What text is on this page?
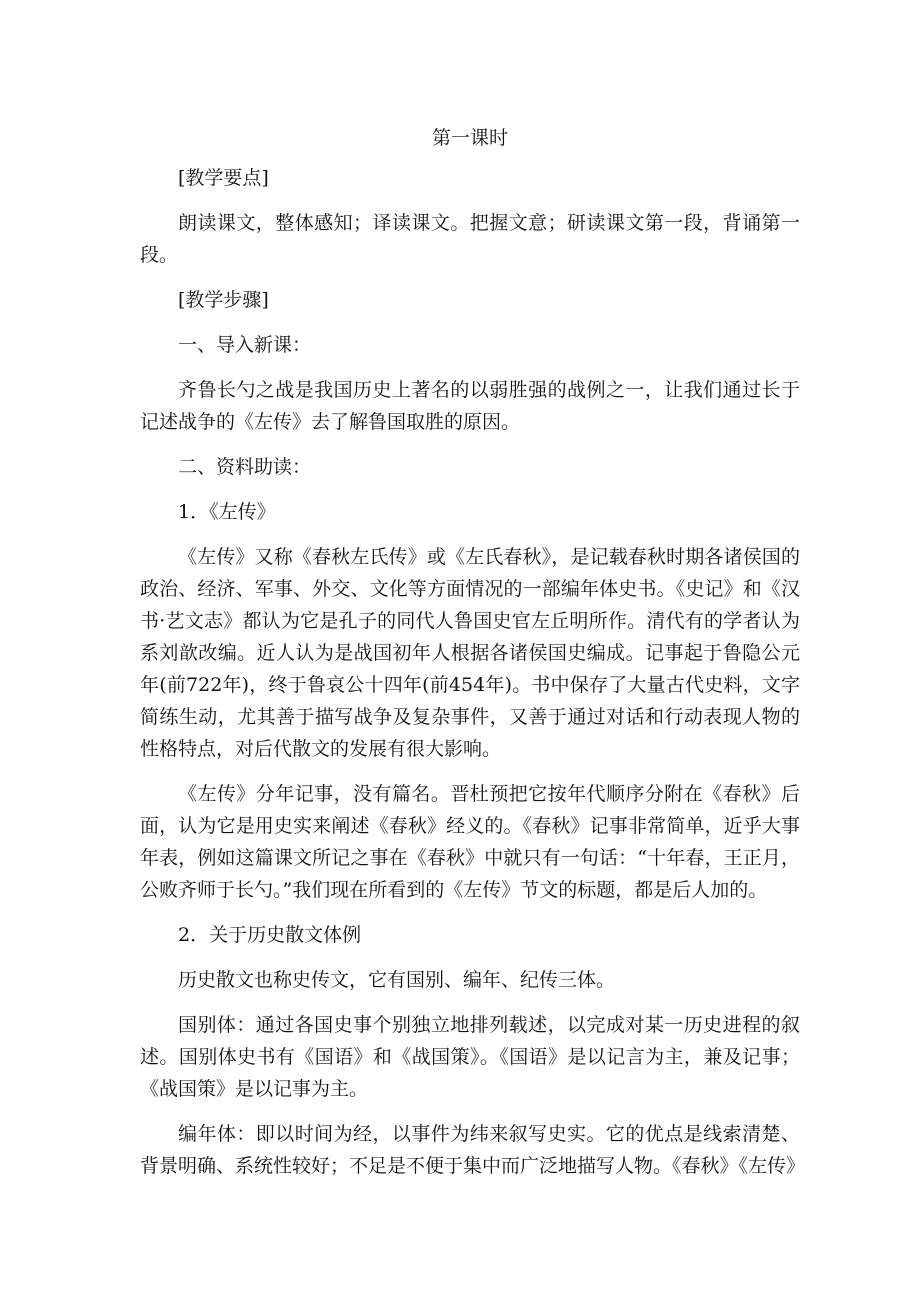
第一课时

[教学要点]

朗读课文，整体感知；译读课文。把握文意；研读课文第一段，背诵第一段。

[教学步骤]

一、导入新课：

齐鲁长勺之战是我国历史上著名的以弱胜强的战例之一，让我们通过长于记述战争的《左传》去了解鲁国取胜的原因。

二、资料助读：

1．《左传》

《左传》又称《春秋左氏传》或《左氏春秋》，是记载春秋时期各诸侯国的政治、经济、军事、外交、文化等方面情况的一部编年体史书。《史记》和《汉书·艺文志》都认为它是孔子的同代人鲁国史官左丘明所作。清代有的学者认为系刘歆改编。近人认为是战国初年人根据各诸侯国史编成。记事起于鲁隐公元年(前722年)，终于鲁哀公十四年(前454年)。书中保存了大量古代史料，文字简练生动，尤其善于描写战争及复杂事件，又善于通过对话和行动表现人物的性格特点，对后代散文的发展有很大影响。

《左传》分年记事，没有篇名。晋杜预把它按年代顺序分附在《春秋》后面，认为它是用史实来阐述《春秋》经义的。《春秋》记事非常简单，近乎大事年表，例如这篇课文所记之事在《春秋》中就只有一句话：“十年春，王正月，公败齐师于长勺。”我们现在所看到的《左传》节文的标题，都是后人加的。

2．关于历史散文体例

历史散文也称史传文，它有国别、编年、纪传三体。

国别体：通过各国史事个别独立地排列载述，以完成对某一历史进程的叙述。国别体史书有《国语》和《战国策》。《国语》是以记言为主，兼及记事；《战国策》是以记事为主。

编年体：即以时间为经，以事件为纬来叙写史实。它的优点是线索清楚、背景明确、系统性较好；不足是不便于集中而广泛地描写人物。《春秋》《左传》
